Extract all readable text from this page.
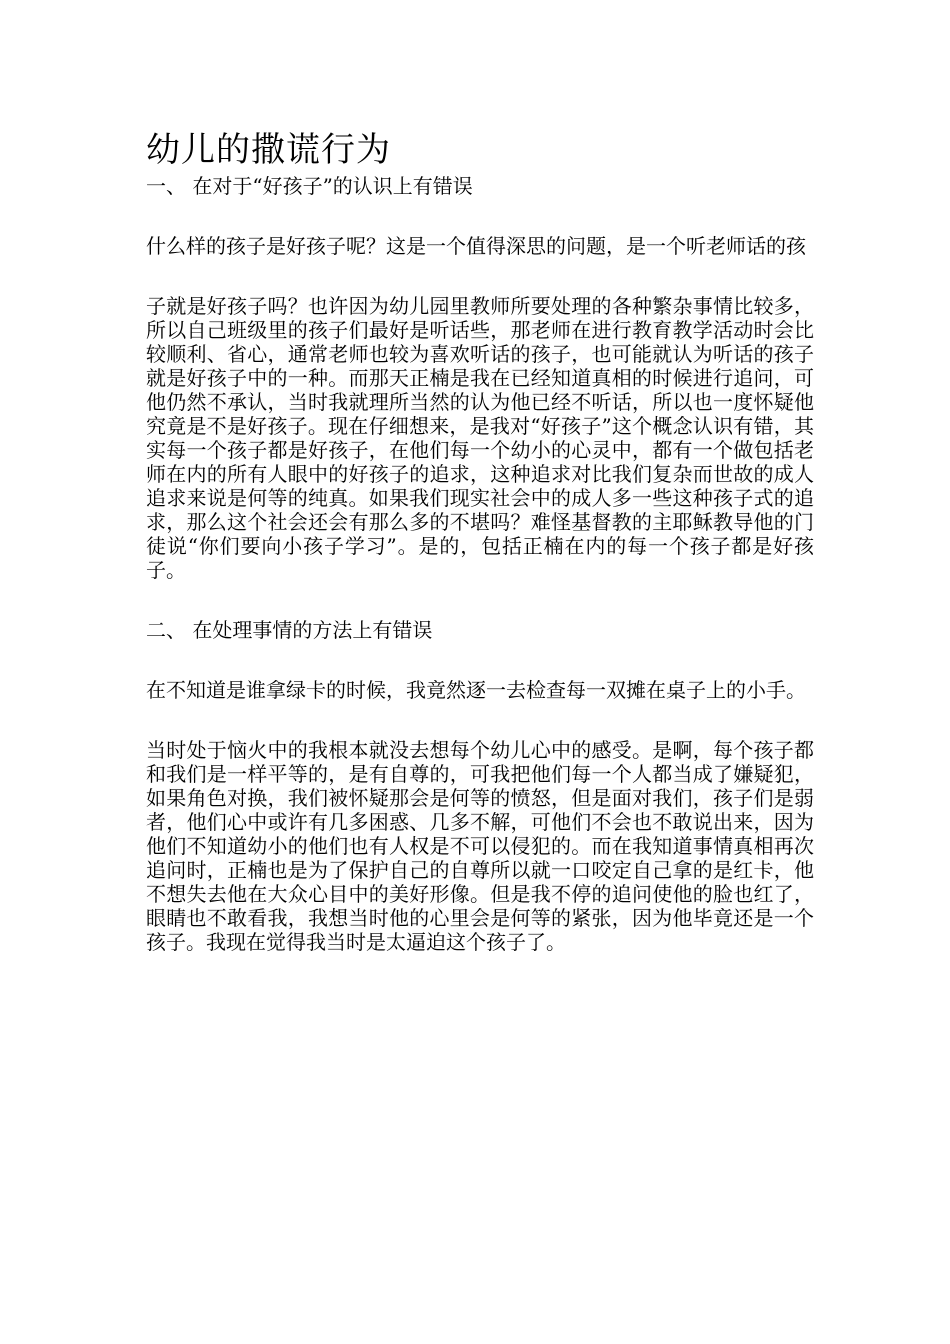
幼儿的撒谎行为

一、 在对于“好孩子”的认识上有错误

什么样的孩子是好孩子呢？这是一个值得深思的问题，是一个听老师话的孩

子就是好孩子吗？也许因为幼儿园里教师所要处理的各种繁杂事情比较多，所以自己班级里的孩子们最好是听话些，那老师在进行教育教学活动时会比较顺利、省心，通常老师也较为喜欢听话的孩子，也可能就认为听话的孩子就是好孩子中的一种。而那天正楠是我在已经知道真相的时候进行追问，可他仍然不承认，当时我就理所当然的认为他已经不听话，所以也一度怀疑他究竟是不是好孩子。现在仔细想来，是我对“好孩子”这个概念认识有错，其实每一个孩子都是好孩子，在他们每一个幼小的心灵中，都有一个做包括老师在内的所有人眼中的好孩子的追求，这种追求对比我们复杂而世故的成人追求来说是何等的纯真。如果我们现实社会中的成人多一些这种孩子式的追求，那么这个社会还会有那么多的不堪吗？难怪基督教的主耶稣教导他的门徒说“你们要向小孩子学习”。是的，包括正楠在内的每一个孩子都是好孩子。

二、 在处理事情的方法上有错误

在不知道是谁拿绿卡的时候，我竟然逐一去检查每一双摊在桌子上的小手。

当时处于恼火中的我根本就没去想每个幼儿心中的感受。是啊，每个孩子都和我们是一样平等的，是有自尊的，可我把他们每一个人都当成了嫌疑犯，如果角色对换，我们被怀疑那会是何等的愤怒，但是面对我们，孩子们是弱者，他们心中或许有几多困惑、几多不解，可他们不会也不敢说出来，因为他们不知道幼小的他们也有人权是不可以侵犯的。而在我知道事情真相再次追问时，正楠也是为了保护自己的自尊所以就一口咬定自己拿的是红卡，他不想失去他在大众心目中的美好形像。但是我不停的追问使他的脸也红了，眼睛也不敢看我，我想当时他的心里会是何等的紧张，因为他毕竟还是一个孩子。我现在觉得我当时是太逼迫这个孩子了。
